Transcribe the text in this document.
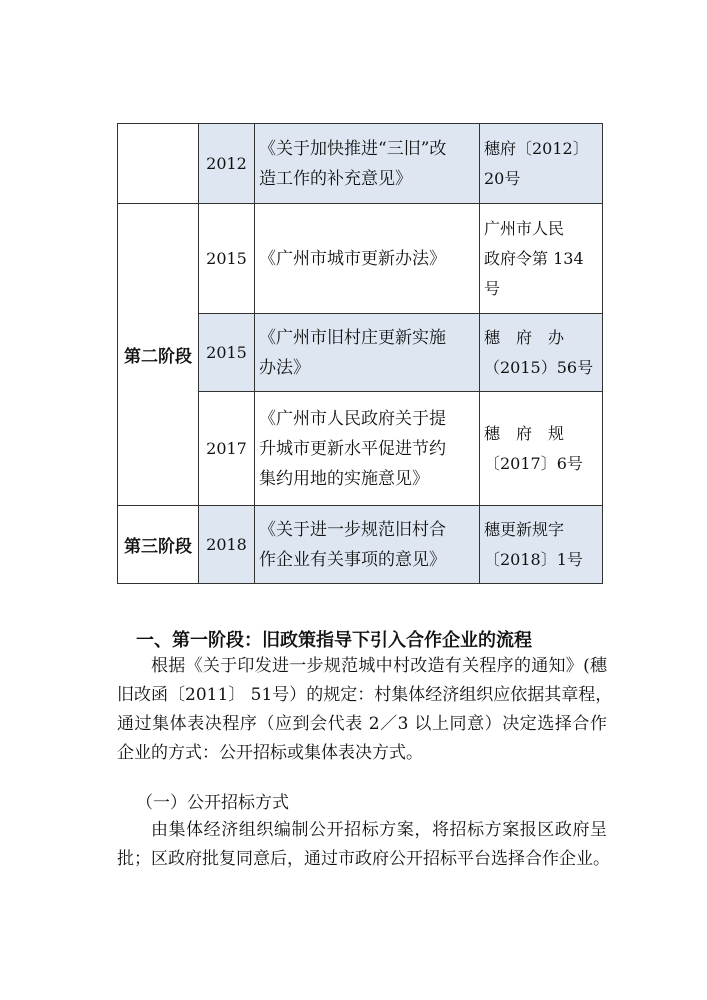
	2012	《关于加快推进“三旧”改
造工作的补充意见》	穗府〔2012〕
20号

第二阶段	2015	《广州市城市更新办法》	广州市人民
政府令第 134
号

	2015	《广州市旧村庄更新实施
办法》	穗　府　办
（2015）56号

	2017	《广州市人民政府关于提
升城市更新水平促进节约
集约用地的实施意见》	穗　府　规
〔2017〕6号

第三阶段	2018	《关于进一步规范旧村合
作企业有关事项的意见》	穗更新规字
〔2018〕1号
一、第一阶段：旧政策指导下引入合作企业的流程
根据《关于印发进一步规范城中村改造有关程序的通知》(穗
旧改函〔2011〕 51号）的规定：村集体经济组织应依据其章程，
通过集体表决程序（应到会代表 2／3 以上同意）决定选择合作
企业的方式：公开招标或集体表决方式。
（一）公开招标方式
由集体经济组织编制公开招标方案，将招标方案报区政府呈
批；区政府批复同意后，通过市政府公开招标平台选择合作企业。
